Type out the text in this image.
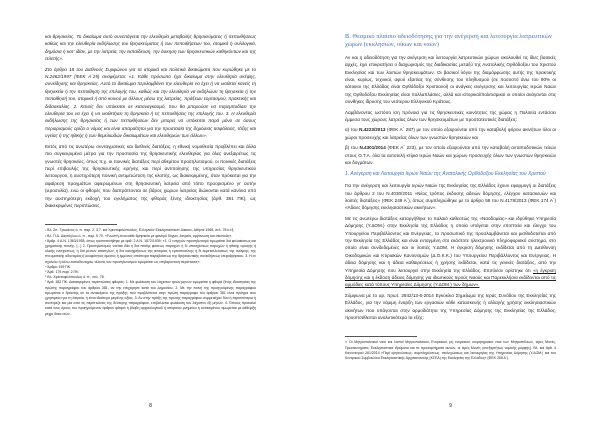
και θρησκείας. Το δικαίωμα αυτό συνεπάγεται την ελευθερία μεταβολής θρησκεύματος ή πεποιθήσεως καθώς και την ελευθερία εκδήλωσης του θρησκεύματος ή των πεποιθήσεων του, ατομικά ή συλλογικά, δημόσια ή κατ' ιδίαν, με την λατρεία, την εκπαίδευση, την άσκηση των θρησκευτικών καθηκόντων και της τελετής».

Στο άρθρο 18 του Διεθνούς Συμφώνου για τα ατομικά και πολιτικά δικαιώματα που κυρώθηκε με το Ν.2462/1997 (ΦΕΚ Α΄25) αναφέρεται: «1. Κάθε πρόσωπο έχει δικαίωμα στην ελευθερία σκέψης, συνείδησης και θρησκείας. Αυτό το δικαίωμα περιλαμβάνει την ελευθερία να έχει ή να υιοθετεί κανείς τη θρησκεία ή την πεποίθηση της επιλογής του, καθώς και την ελευθερία να εκδηλώνει τη θρησκεία ή την πεποίθησή του, ατομικά ή από κοινού με άλλους μέσω της λατρείας, πράξεων εορτασμού, πρακτικής και διδασκαλίας. 2. Κανείς δεν υπόκειται σε καταναγκασμό, που θα μπορούσε να παρεμποδίσει την ελευθερία του να έχει ή να υιοθετήσει τη θρησκεία ή τις πεποιθήσεις της επιλογής του. 3. Η ελευθερία εκδήλωσης της θρησκείας ή των πεποιθήσεων δεν μπορεί να υπόκειται παρά μόνο σε όσους περιορισμούς ορίζει ο νόμος και είναι απαραίτητοι για την προστασία της δημόσιας ασφάλειας, τάξης και υγείας ή της ηθικής ή των θεμελιωδών δικαιωμάτων και ελευθεριών των άλλων».

Εκτός από τις ανωτέρω συνταγματικές και διεθνείς διατάξεις, η εθνική νομοθεσία προβλέπει και άλλα πιο συγκεκριμένα μέτρα για την προστασία της θρησκευτικής ελευθερίας για όλες ανεξαιρέτως τις γνωστές θρησκείες, όπως π.χ. οι ποινικές διατάξεις περί αθεμίτου προσηλυτισμού, οι ποινικές διατάξεις περί επιβουλής της θρησκευτικής ειρήνης και περί αντιποίησης της υπηρεσίας θρησκευτικού λειτουργού, η αυστηρότερη ποινική αντιμετώπιση της κλοπής, ως διακεκριμένης, όταν πρόκειται για την αφαίρεση πραγμάτων αφιερωμένων στη θρησκευτική λατρεία από τόπο προορισμένο γι' αυτήν (ιεροσυλία), ενώ οι φθορές που διαπράττονται σε βάρος χώρων λατρείας διώκονται κατά κανόνα υπό την αυστηρότερη εκδοχή του εγκλήματος της φθοράς ξένης ιδιοκτησίας (άρθ. 381 ΠΚ), ως διακεκριμένες περιπτώσεις.

¹ Βλ. Σπ. Τρωιάνος ό. π. παρ. 2, 3.7. και Χριστοφιλόπουλος, Ελληνικόν Εκκλησιαστικόν Δίκαιον, Αθήναι 1965, σελ. 78 κ.εξ.
² Βλ. Π.Δ. Δαγτόγλου ό. π., παρ. 5 70. «Γνωστή είναι κάθε θρησκεία με φανερό δόγμα, λατρεία, οργάνωση και σκοπούς».
³ Άρθρ. 4 Α.Ν. 1363/1938, όπως τροποποιήθηκε με άρθ. 2 Α.Ν. 1672/1939: «1. Ο ενεργών προσηλυτισμό τιμωρείται δια φυλακίσεως και χρηματικής ποινής. [...] 2. Προσηλυτισμός νοείται ιδία η δια πάσης φύσεως παροχών ή δι υποσχέσεως παροχών ή ηθικής αρωγής ή υλικής ενισχύσεως, ή δια μέσων απατηλών, ή δια καταχρήσεως της απειρίας ή εμπιστοσύνης ή δι εκμεταλλεύσεως της ανάγκης, της πνευματικής αδυναμίας ή κουφότητος άμεσος ή έμμεσος απόπειρα παραβιάσεως της θρησκευτικής συνειδήσεως ετεροθρήσκου. 3. Η εν σχολείω ή άλλω εκπαιδευτηρίω τέλεσις του προσηλυτισμού τιμωρείται ως επιβαρυντική περίστασις».
⁴ Άρθρο 199 ΠΚ.
⁵ Άρθ. 175 παρ. 2 ΠΚ.
⁶ Βλ. Χριστοφιλόπουλος ό. π., σελ. 78.
⁷ Άρθ. 382 ΠΚ. Διακεκριμένες περιπτώσεις φθοράς: 1. Με φυλάκιση του λάχιστον τριών μηνών τιμωρείται η φθορά ξένης ιδιοκτησίας της πρώτης παραγράφου του άρθρου 381, αν την επιχείρησε κατά του Δημοσίου. 2. Με την ποινή της προηγούμενης παραγράφου τιμωρείται ο δράστης αν το αντικείμενο της πράξης που προβλέπεται στην πρώτη παράγραφο του άρθρου 381 είναι πράγμα που χρησιμεύει για τη λατρεία, ή είναι ιδιαίτερα μεγάλης αξίας. 3. Αν στην πράξη της πρώτης παραγράφου συμμετείχαν δύο ή περισσότεροι ή συνέτρεξε και μία από τις περιπτώσεις της δεύτερης παραγράφου, επιβάλλεται φυλάκιση του λάχιστον έξι μηνών. 4. Όποιος προκαλεί κατά τους όρους του προηγούμενου άρθρου φθορά ή βλάβη αρχαιολογικού ή ιστορικού μνημείου ή αντικειμένου τιμωρείται με κάθειρξη μέχρι δέκα ετών.
8
Β. Θεσμικό πλαίσιο αδειοδότησης για την ανέγερση και λειτουργία λατρευτικών χώρων (εκκλησιών, οίκων και ναών)

Αν και η αδειοδότηση για την ανέγερση και λειτουργία λατρευτικών χώρων ακολουθεί τις ίδιες βασικές αρχές, έχει επικρατήσει ο διαχωρισμός της διαδικασίας μεταξύ της Ανατολικής Ορθόδοξου του Χριστού Εκκλησίας και των λοιπών θρησκευμάτων. Οι βασικοί λόγοι της διαμόρφωσης αυτής της πρακτικής είναι, κυρίως, τεχνικοί, αφού εξαιτίας της σύνθεσης του πληθυσμού (σε ποσοστό άνω του 90% οι κάτοικοι της Ελλάδας είναι Ορθόδοξοι Χριστιανοί) οι ανάγκες ανέγερσης και λειτουργίας Ιερών Ναών της Ορθοδόξου Εκκλησίας είναι πολλαπλάσιες, αλλά και ιστορικοί/πολιτισμικοί οι οποίοι ανάγονται στις συνθήκες ίδρυσης του νεότερου Ελληνικού Κράτους.

Λαμβάνοντας ωστόσο ίση πρόνοια για τις θρησκευτικές κοινότητες της χώρας η Πολιτεία εντάσσει έμμεσα τους χώρους λατρείας όλων των θρησκευμάτων με προστατευτικές διατάξεις:

α) του Ν.4223/2013 (ΦΕΚ Α΄ 287) με τον οποίο εξαιρούνται από την καταβολή φόρου ακινήτων όλοι οι χώροι προσευχής και λατρείας όλων των γνωστών θρησκειών και

β) του Ν.4301/2014 (ΦΕΚ Α΄ 223), με τον οποίο εξαιρούνται από την καταβολή ανταποδοτικών τελών στους Ο.Τ.Α. όλα τα αυτοτελή κτίρια Ιερών Ναών και χώρων προσευχής όλων των γνωστών θρησκειών και δογμάτων.

1. Ανέγερση και Λειτουργία Ιερών Ναών της Ανατολικής Ορθόδοξου Εκκλησίας του Χριστού

Για την ανέγερση και λειτουργία Ιερών Ναών της Εκκλησίας της Ελλάδος έχουν εφαρμογή οι διατάξεις του άρθρου 2 του Ν.4030/2011 «Νέος τρόπος έκδοσης αδειών δόμησης, ελέγχου κατασκευών και λοιπές διατάξεις» (ΦΕΚ 249 Α΄), όπως συμπληρώθηκε με το άρθρο 58 του Ν.4178/2013 (ΦΕΚ 174 Α΄) «Άδειες δόμησης εκκλησιαστικών ακινήτων».

Με τις ανωτέρω διατάξεις καταργήθηκε το παλαιό καθεστώς της «Ναοδομίας» και ιδρύθηκε Υπηρεσία Δόμησης (Υ.ΔΟΜ.) στην Εκκλησία της Ελλάδος η οποία υπάγεται στην εποπτεία και έλεγχο του Υπουργείου Περιβάλλοντος και Ενέργειας, το προσωπικό της προσλαμβάνεται και μισθοδοτείται από την Εκκλησία της Ελλάδος και είναι ενταγμένη στο εκάστοτε ηλεκτρονικό πληροφοριακό σύστημα, στο οποίο είναι συνδεδεμένες και οι λοιπές Υ.ΔΟΜ. Η έγκριση δόμησης εκδίδεται από τη Διεύθυνση Οικοδομικών και Κτιριακών Κανονισμών (Δ.Ο.Κ.Κ.) του Υπουργείου Περιβάλλοντος και Ενέργειας. Η άδεια δόμησης και η άδεια καθαιρέσεως ή χρήσης εκδίδεται, κατά τις γενικές διατάξεις, από την Υπηρεσία Δόμησης που λειτουργεί στην Εκκλησία της Ελλάδος. Επιπλέον ορίστηκε ότι «η έγκριση δόμησης και η έκδοση άδειας δόμησης για ιδιωτικούς Ιερούς Ναούς και Παρεκκλήσια εκδίδονται από τις αρμόδιες κατά τόπους Υπηρεσίες Δόμησης (Υ.ΔΟΜ.) των δήμων».

Σύμφωνα με το αρ. πρωτ. 2842/13-6-2014 Εγκύκλιο Σημείωμα της Ιεράς Συνόδου της Εκκλησίας της Ελλάδος, για την νόμιμη έναρξη των εργασιών κάθε κατασκευής ή αλλαγής χρήσης εκκλησιαστικών ακινήτων που υπάγονται στην αρμοδιότητα της Υπηρεσίας Δόμησης της Εκκλησίας της Ελλάδος, προϋποτίθενται αναλυτικότερα τα εξής:

¹¹ Οι Μητροπολιτικοί ναοί και λοιποί Μητροπολιτικοί, Ενοριακοί, μη ενοριακοί, κοιμητηριακοί ναοί των Μητροπόλεων, Ιερές Μονές, Προσκυνήματα, Εκκλησιαστικά ιδρύματα και τα προσαρτήματα αυτών, οι Ιερές Μονές (ανεξαρτήτως νομικής μορφής). Βλ. και άρθ. 4 Κανονισμού 261/2014 «Περί οργανώσεως, συμπληρώσεως, στελεχώσεως και λειτουργίας της Υπηρεσίας Δόμησης (Υ.ΔΟΜ.) και του Κεντρικού Συμβουλίου Εκκλησιαστικής Αρχιτεκτονικής (ΚΣΕΑ) της Εκκλησίας της Ελλάδος» (ΦΕΚ 255 Α΄).
9
